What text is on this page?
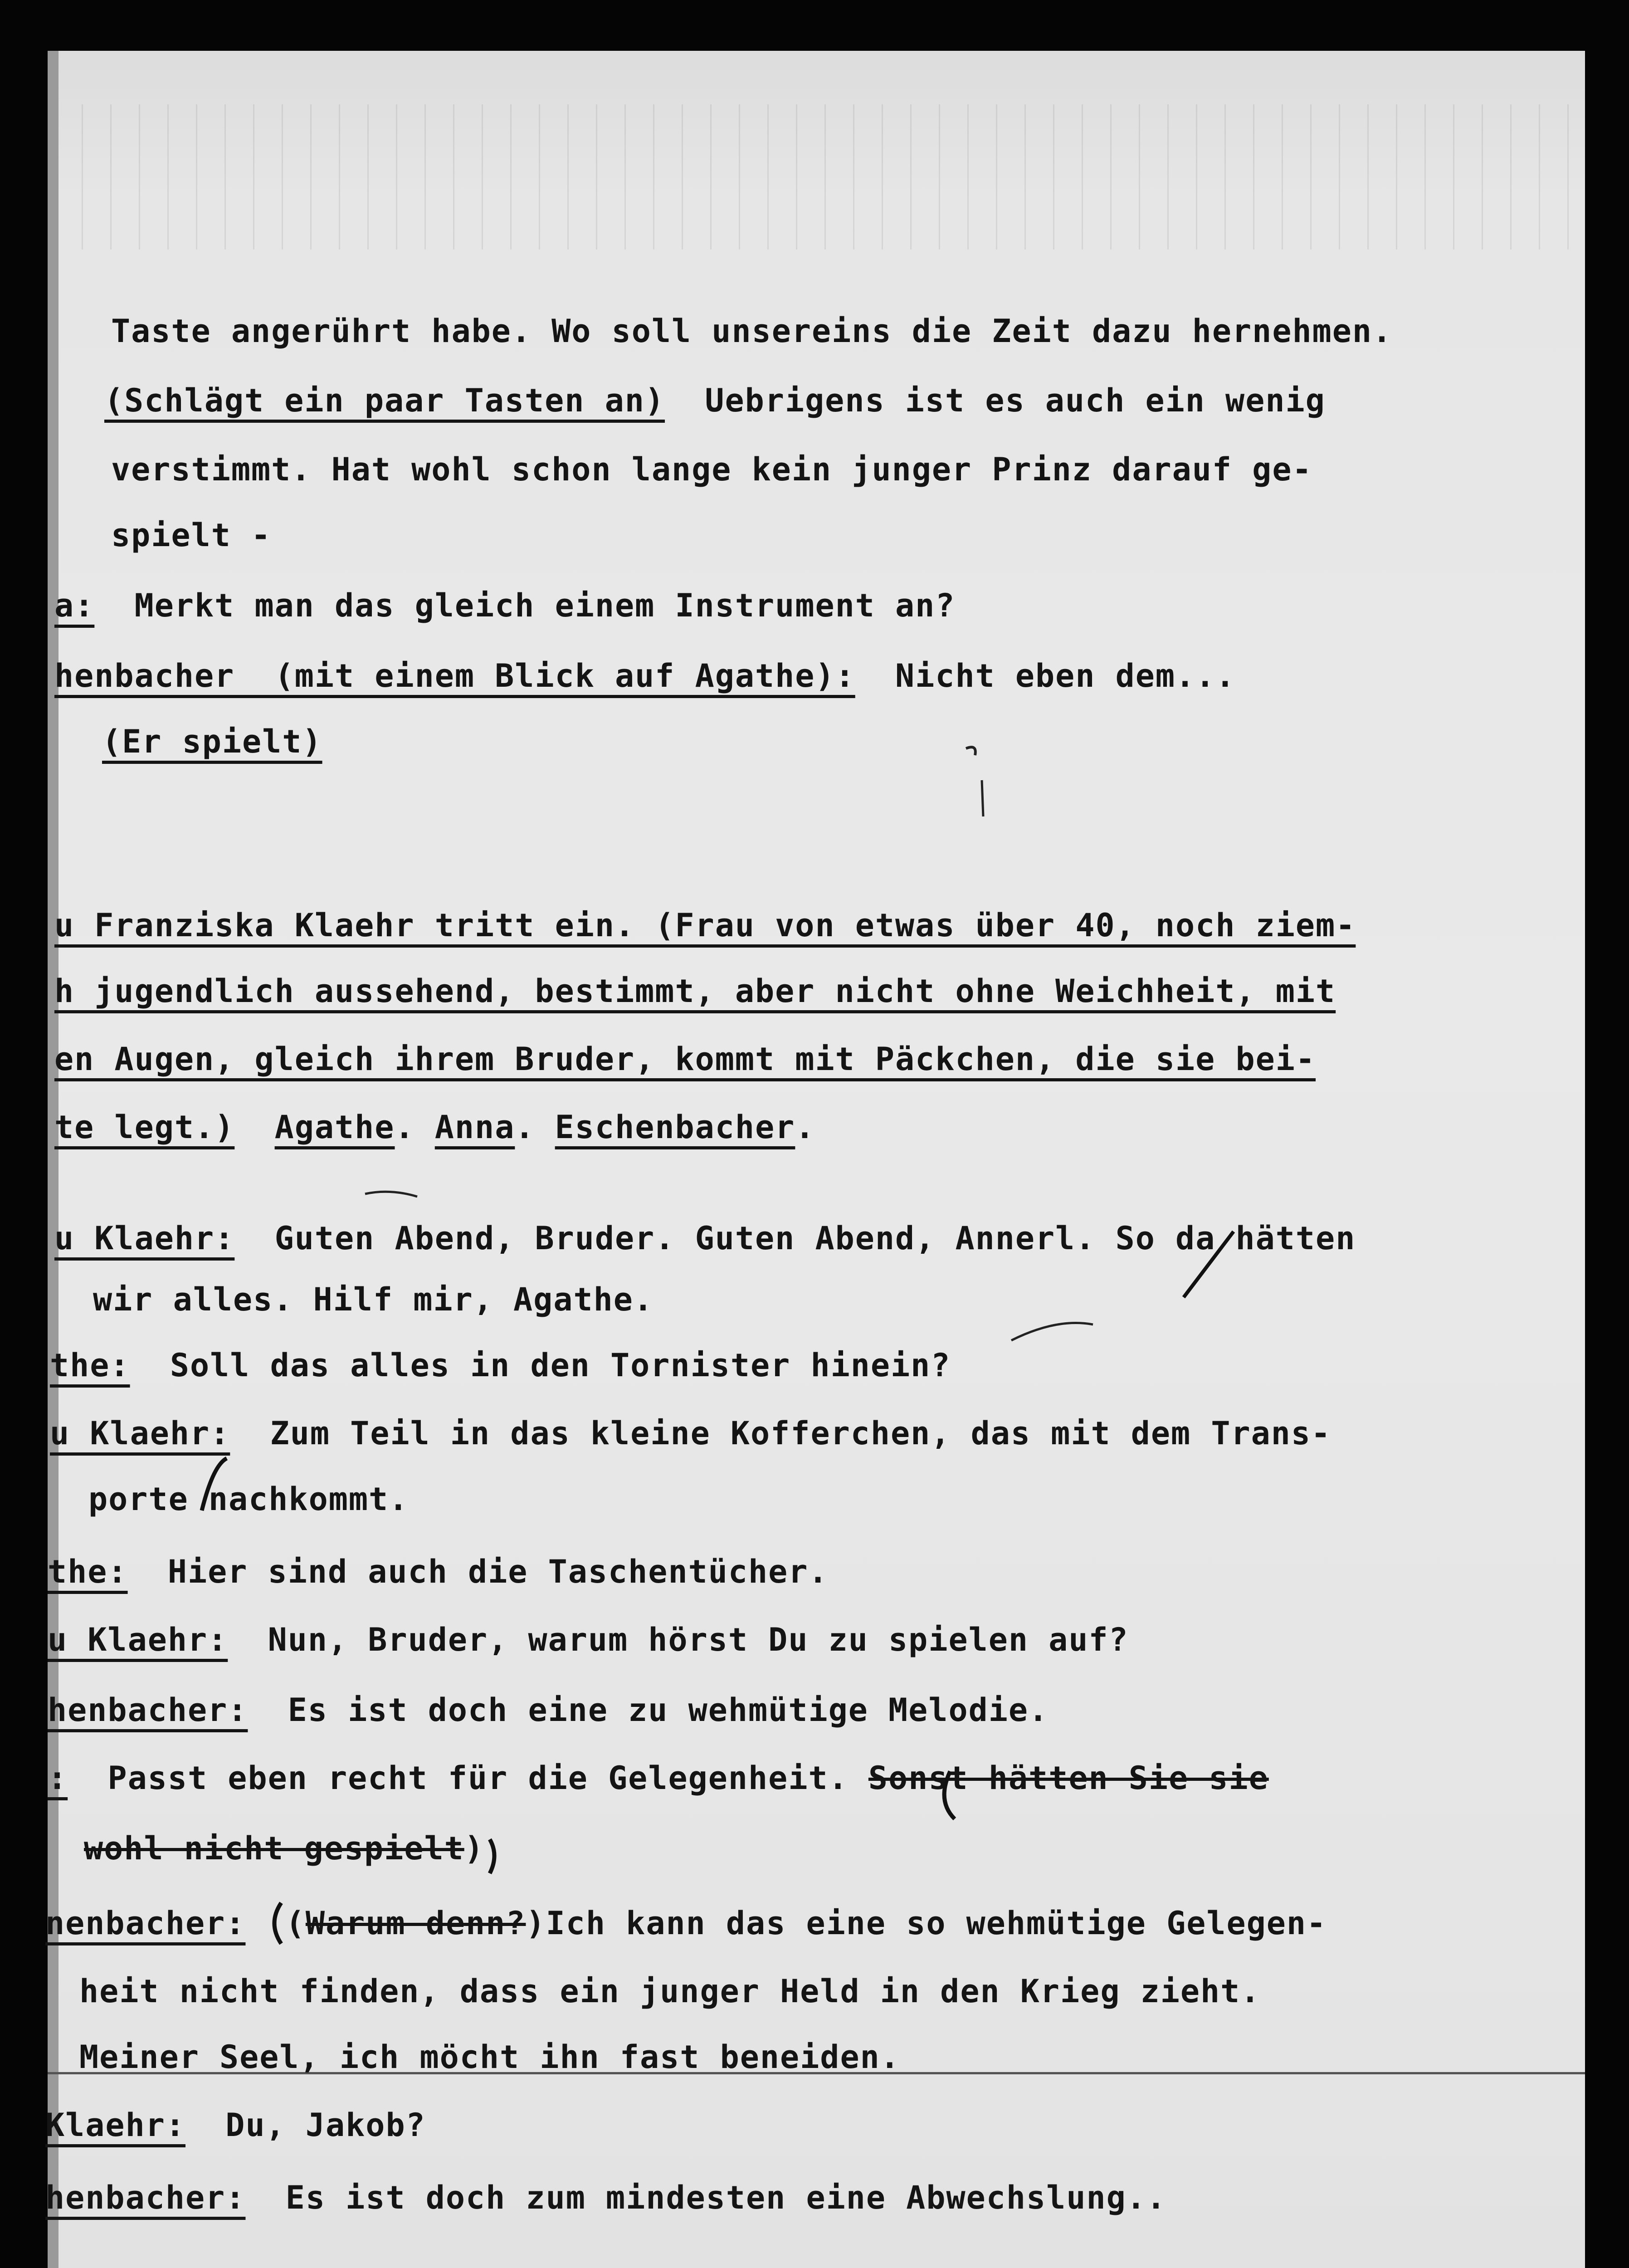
Taste angerührt habe. Wo soll unsereins die Zeit dazu hernehmen.
(Schlägt ein paar Tasten an)  Uebrigens ist es auch ein wenig
verstimmt. Hat wohl schon lange kein junger Prinz darauf ge-
spielt -
a:  Merkt man das gleich einem Instrument an?
henbacher  (mit einem Blick auf Agathe):  Nicht eben dem...
(Er spielt)
u Franziska Klaehr tritt ein. (Frau von etwas über 40, noch ziem-
h jugendlich aussehend, bestimmt, aber nicht ohne Weichheit, mit
en Augen, gleich ihrem Bruder, kommt mit Päckchen, die sie bei-
te legt.) Agathe. Anna. Eschenbacher.
u Klaehr:  Guten Abend, Bruder. Guten Abend, Annerl. So da hätten
wir alles. Hilf mir, Agathe.
the:  Soll das alles in den Tornister hinein?
u Klaehr:  Zum Teil in das kleine Kofferchen, das mit dem Trans-
porte nachkommt.
the:  Hier sind auch die Taschentücher.
u Klaehr:  Nun, Bruder, warum hörst Du zu spielen auf?
henbacher:  Es ist doch eine zu wehmütige Melodie.
:  Passt eben recht für die Gelegenheit. Sonst hätten Sie sie
wohl nicht gespielt)
nenbacher:  (Warum denn?)Ich kann das eine so wehmütige Gelegen-
heit nicht finden, dass ein junger Held in den Krieg zieht.
Meiner Seel, ich möcht ihn fast beneiden.
Klaehr:  Du, Jakob?
henbacher:  Es ist doch zum mindesten eine Abwechslung..
